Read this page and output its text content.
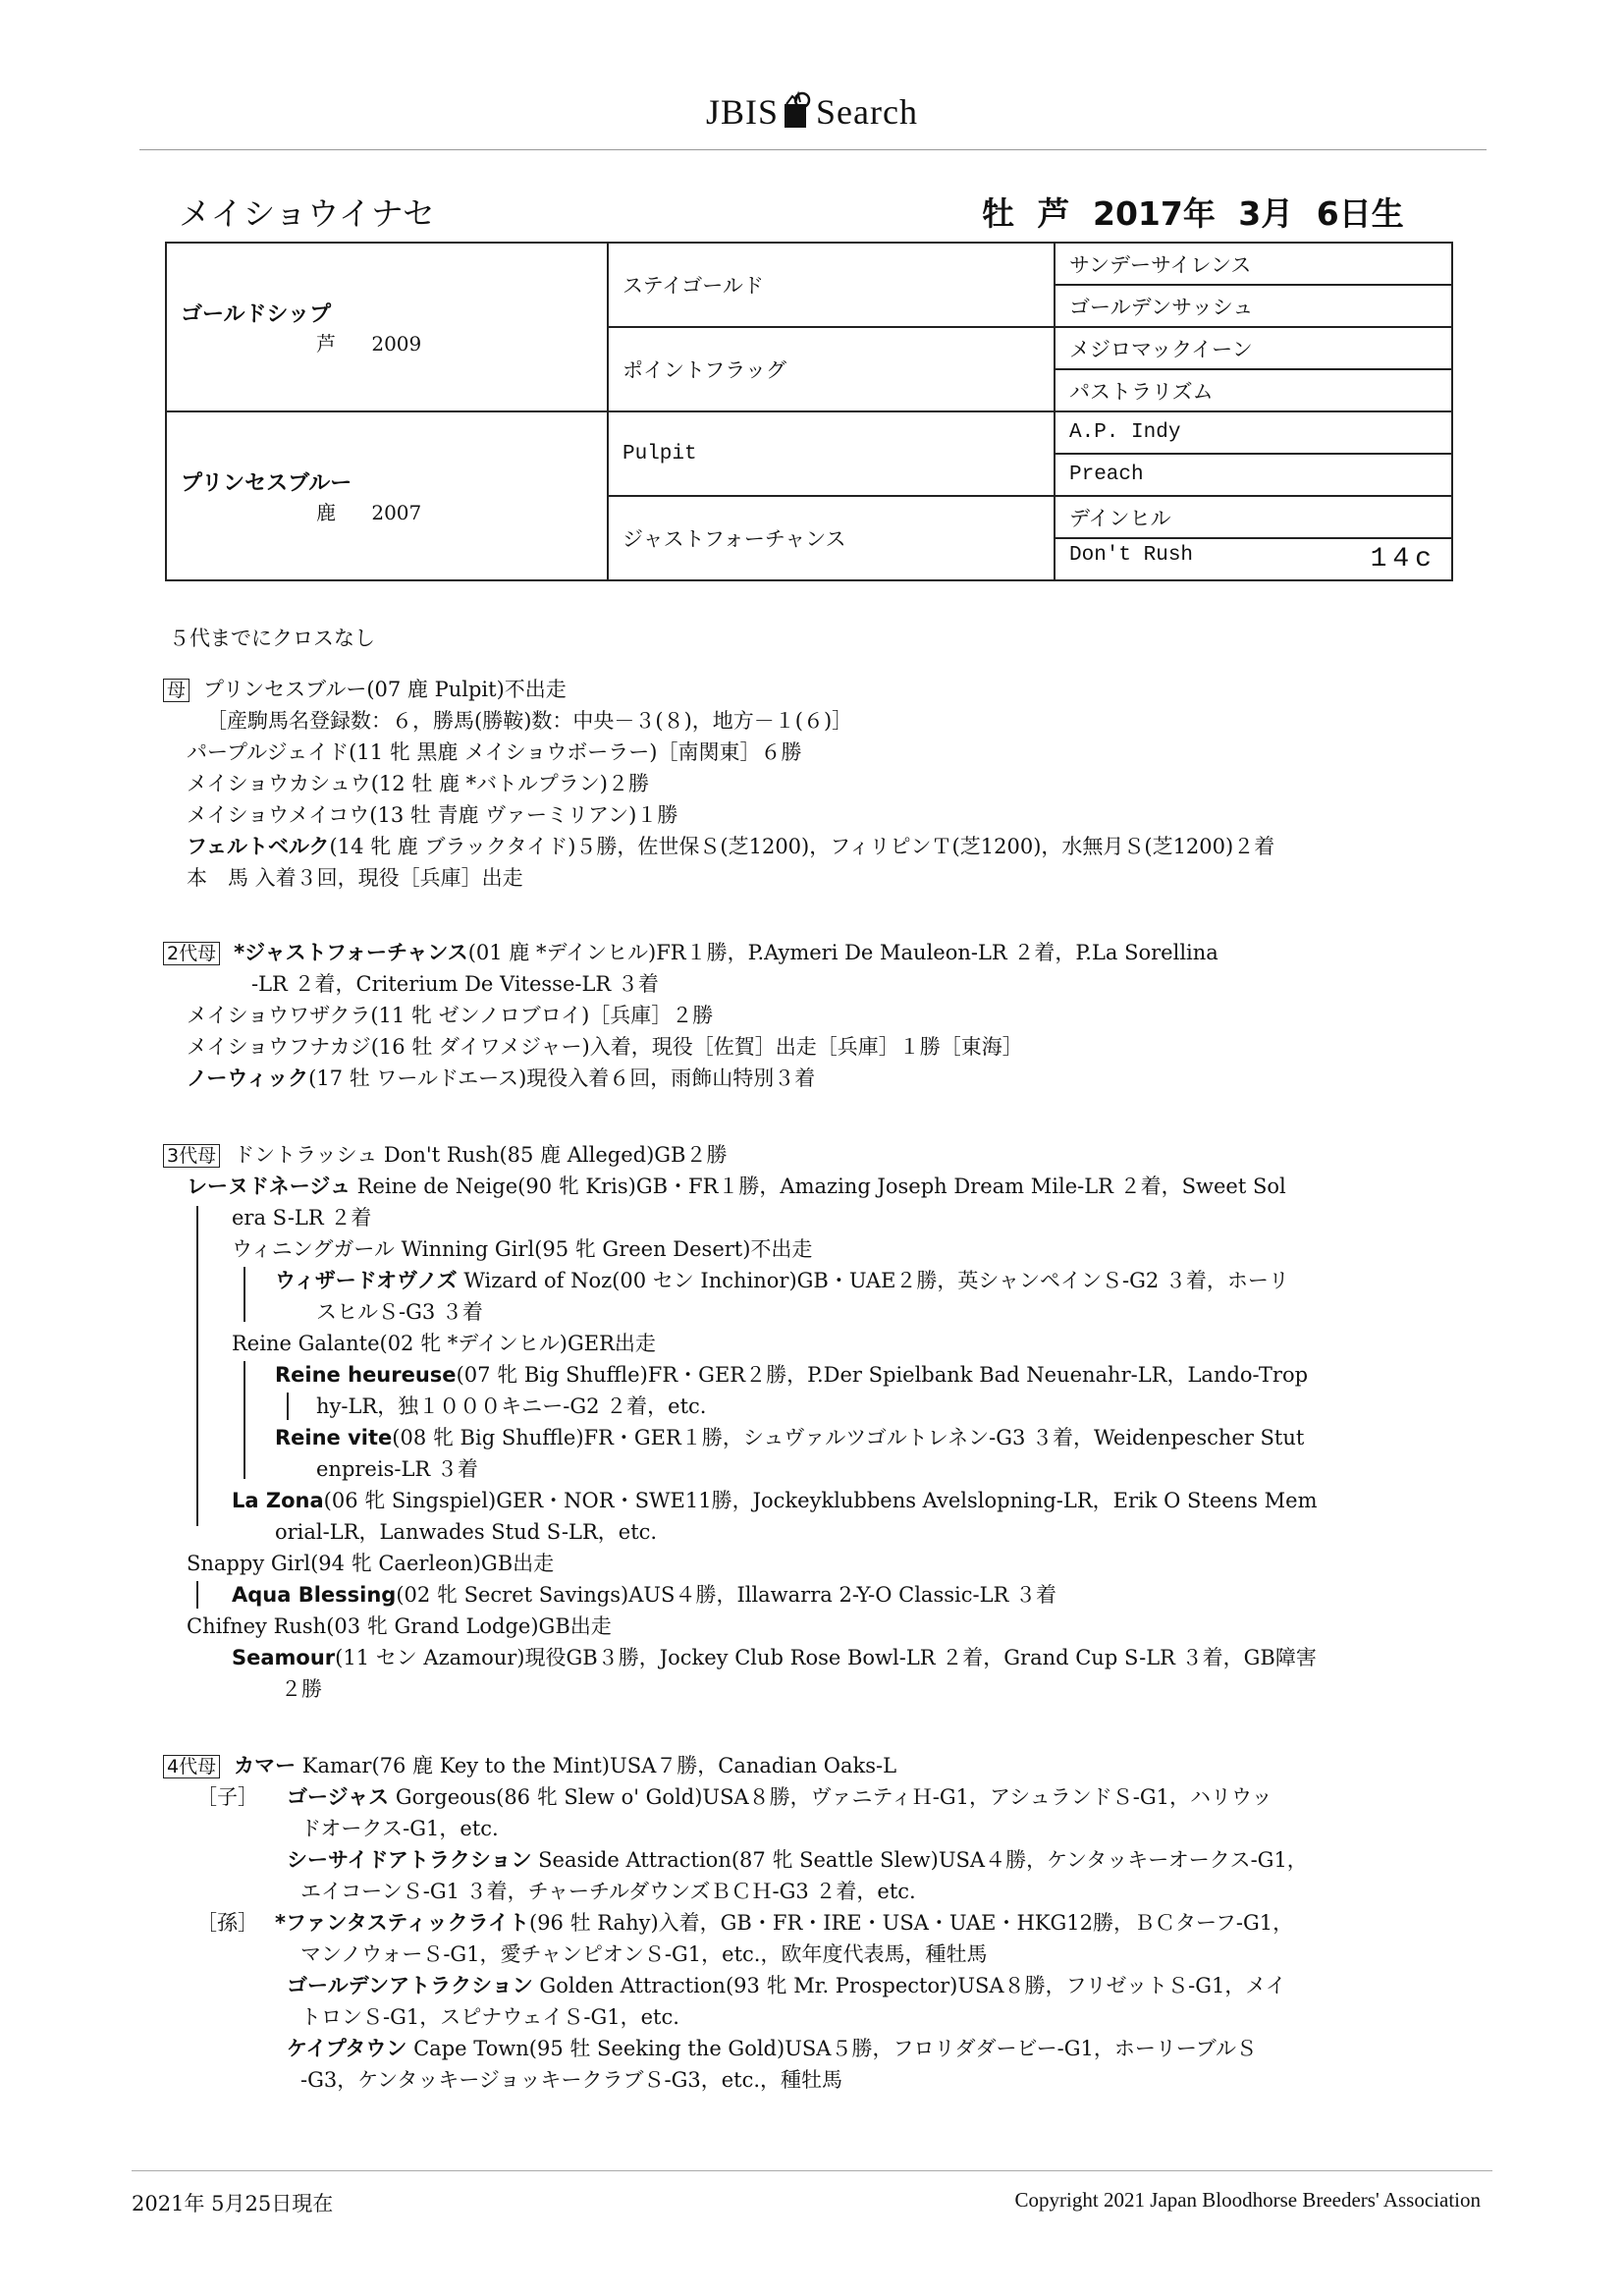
JBIS Search
メイショウイナセ	牡 芦 2017年 3月 6日生
ゴールドシップ
芦 2009	ステイゴールド	サンデーサイレンス
		ゴールデンサッシュ
	ポイントフラッグ	メジロマックイーン
		パストラリズム

プリンセスブルー
鹿 2007	Pulpit	A.P. Indy
		Preach
	ジャストフォーチャンス	デインヒル
		Don't Rush 14c
５代までにクロスなし
母 プリンセスブルー(07 鹿 Pulpit)不出走
［産駒馬名登録数：６，勝馬(勝鞍)数：中央－３(８)，地方－１(６)］
パープルジェイド(11 牝 黒鹿 メイショウボーラー)［南関東］６勝
メイショウカシュウ(12 牡 鹿 *バトルプラン)２勝
メイショウメイコウ(13 牡 青鹿 ヴァーミリアン)１勝
フェルトベルク(14 牝 鹿 ブラックタイド)５勝，佐世保Ｓ(芝1200)，フィリピンＴ(芝1200)，水無月Ｓ(芝1200)２着
本　馬 入着３回，現役［兵庫］出走
2代母 *ジャストフォーチャンス(01 鹿 *デインヒル)FR１勝，P.Aymeri De Mauleon-LR ２着，P.La Sorellina
-LR ２着，Criterium De Vitesse-LR ３着
メイショウワザクラ(11 牝 ゼンノロブロイ)［兵庫］２勝
メイショウフナカジ(16 牡 ダイワメジャー)入着，現役［佐賀］出走［兵庫］１勝［東海］
ノーウィック(17 牡 ワールドエース)現役入着６回，雨飾山特別３着
3代母 ドントラッシュ Don't Rush(85 鹿 Alleged)GB２勝
レーヌドネージュ Reine de Neige(90 牝 Kris)GB・FR１勝，Amazing Joseph Dream Mile-LR ２着，Sweet Sol
era S-LR ２着
ウィニングガール Winning Girl(95 牝 Green Desert)不出走
ウィザードオヴノズ Wizard of Noz(00 セン Inchinor)GB・UAE２勝，英シャンペインＳ-G2 ３着，ホーリ
スヒルＳ-G3 ３着
Reine Galante(02 牝 *デインヒル)GER出走
Reine heureuse(07 牝 Big Shuffle)FR・GER２勝，P.Der Spielbank Bad Neuenahr-LR，Lando-Trop
hy-LR，独１０００キニー-G2 ２着，etc.
Reine vite(08 牝 Big Shuffle)FR・GER１勝，シュヴァルツゴルトレネン-G3 ３着，Weidenpescher Stut
enpreis-LR ３着
La Zona(06 牝 Singspiel)GER・NOR・SWE11勝，Jockeyklubbens Avelslopning-LR，Erik O Steens Mem
orial-LR，Lanwades Stud S-LR，etc.
Snappy Girl(94 牝 Caerleon)GB出走
Aqua Blessing(02 牝 Secret Savings)AUS４勝，Illawarra 2-Y-O Classic-LR ３着
Chifney Rush(03 牝 Grand Lodge)GB出走
Seamour(11 セン Azamour)現役GB３勝，Jockey Club Rose Bowl-LR ２着，Grand Cup S-LR ３着，GB障害
２勝
4代母 カマー Kamar(76 鹿 Key to the Mint)USA７勝，Canadian Oaks-L
［子］ ゴージャス Gorgeous(86 牝 Slew o' Gold)USA８勝，ヴァニティＨ-G1，アシュランドＳ-G1，ハリウッ
ドオークス-G1，etc.
シーサイドアトラクション Seaside Attraction(87 牝 Seattle Slew)USA４勝，ケンタッキーオークス-G1，
エイコーンＳ-G1 ３着，チャーチルダウンズＢＣＨ-G3 ２着，etc.
［孫］ *ファンタスティックライト(96 牡 Rahy)入着，GB・FR・IRE・USA・UAE・HKG12勝，ＢＣターフ-G1，
マンノウォーＳ-G1，愛チャンピオンＳ-G1，etc.，欧年度代表馬，種牡馬
ゴールデンアトラクション Golden Attraction(93 牝 Mr. Prospector)USA８勝，フリゼットＳ-G1，メイ
トロンＳ-G1，スピナウェイＳ-G1，etc.
ケイプタウン Cape Town(95 牡 Seeking the Gold)USA５勝，フロリダダービー-G1，ホーリーブルＳ
-G3，ケンタッキージョッキークラブＳ-G3，etc.，種牡馬
2021年 5月25日現在	Copyright 2021 Japan Bloodhorse Breeders' Association
